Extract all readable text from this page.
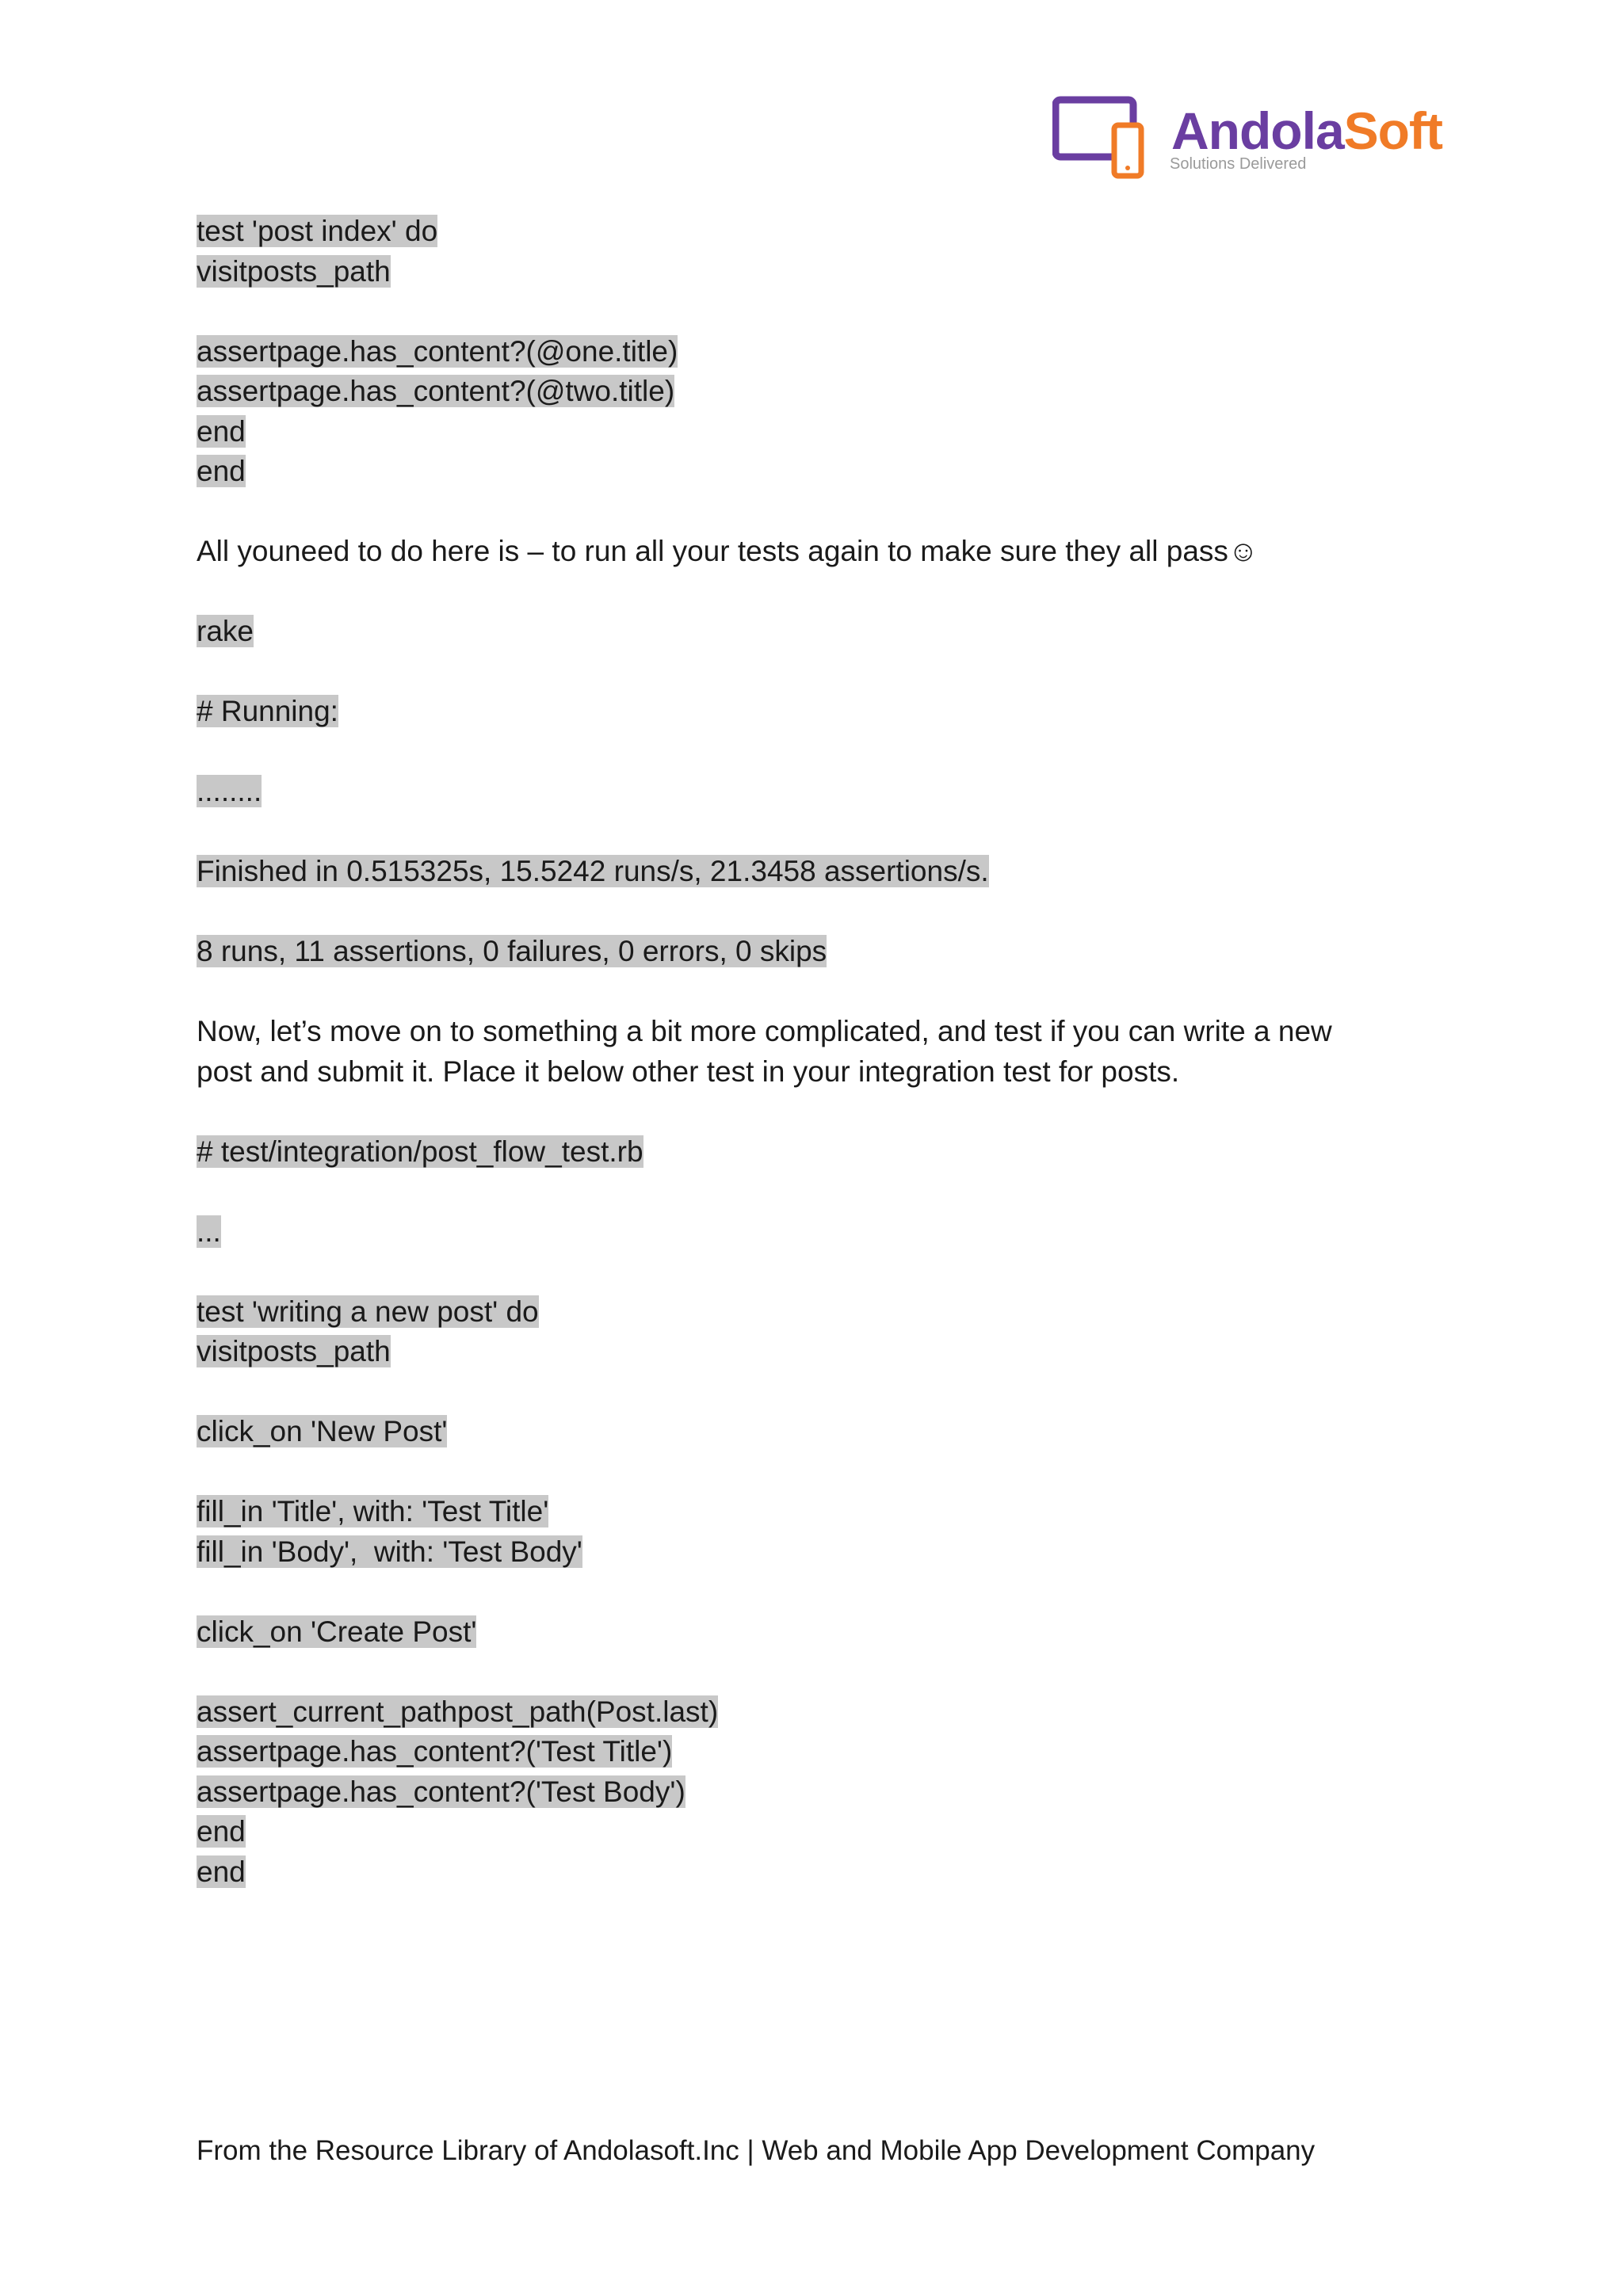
AndolaSoft
Solutions Delivered
test 'post index' do
visitposts_path
assertpage.has_content?(@one.title)
assertpage.has_content?(@two.title)
end
end
All youneed to do here is – to run all your tests again to make sure they all pass☺
rake
# Running:
........
Finished in 0.515325s, 15.5242 runs/s, 21.3458 assertions/s.
8 runs, 11 assertions, 0 failures, 0 errors, 0 skips
Now, let’s move on to something a bit more complicated, and test if you can write a new
post and submit it. Place it below other test in your integration test for posts.
# test/integration/post_flow_test.rb
...
test 'writing a new post' do
visitposts_path
click_on 'New Post'
fill_in 'Title', with: 'Test Title'
fill_in 'Body',  with: 'Test Body'
click_on 'Create Post'
assert_current_pathpost_path(Post.last)
assertpage.has_content?('Test Title')
assertpage.has_content?('Test Body')
end
end
From the Resource Library of Andolasoft.Inc | Web and Mobile App Development Company
